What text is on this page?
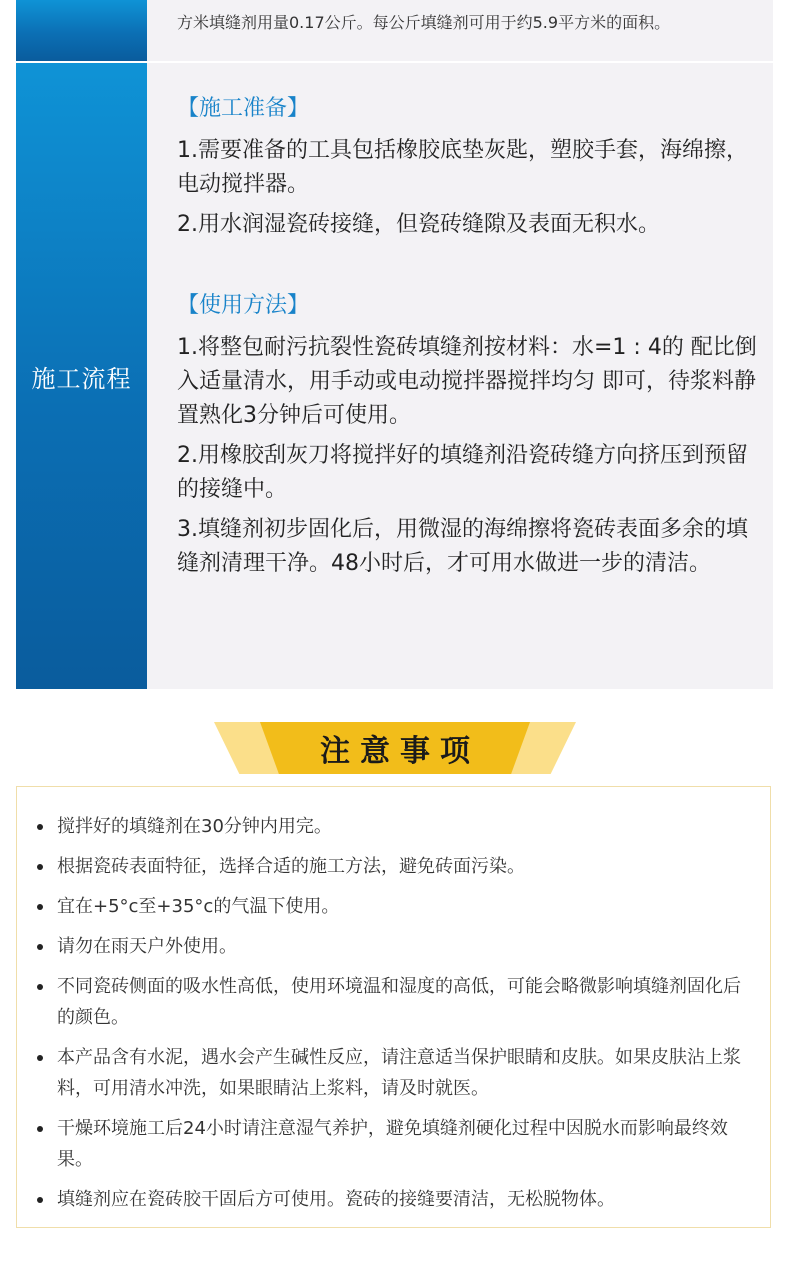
方米填缝剂用量0.17公斤。每公斤填缝剂可用于约5.9平方米的面积。
施工流程
【施工准备】

1.需要准备的工具包括橡胶底垫灰匙，塑胶手套，海绵擦，电动搅拌器。

2.用水润湿瓷砖接缝，但瓷砖缝隙及表面无积水。

【使用方法】

1.将整包耐污抗裂性瓷砖填缝剂按材料：水=1 : 4的 配比倒入适量清水，用手动或电动搅拌器搅拌均匀 即可，待浆料静置熟化3分钟后可使用。

2.用橡胶刮灰刀将搅拌好的填缝剂沿瓷砖缝方向挤压到预留的接缝中。

3.填缝剂初步固化后，用微湿的海绵擦将瓷砖表面多余的填缝剂清理干净。48小时后，才可用水做进一步的清洁。

注意事项
搅拌好的填缝剂在30分钟内用完。
根据瓷砖表面特征，选择合适的施工方法，避免砖面污染。
宜在+5°c至+35°c的气温下使用。
请勿在雨天户外使用。
不同瓷砖侧面的吸水性高低，使用环境温和湿度的高低，可能会略微影响填缝剂固化后的颜色。
本产品含有水泥，遇水会产生碱性反应，请注意适当保护眼睛和皮肤。如果皮肤沾上浆料，可用清水冲洗，如果眼睛沾上浆料，请及时就医。
干燥环境施工后24小时请注意湿气养护，避免填缝剂硬化过程中因脱水而影响最终效果。
填缝剂应在瓷砖胶干固后方可使用。瓷砖的接缝要清洁，无松脱物体。
